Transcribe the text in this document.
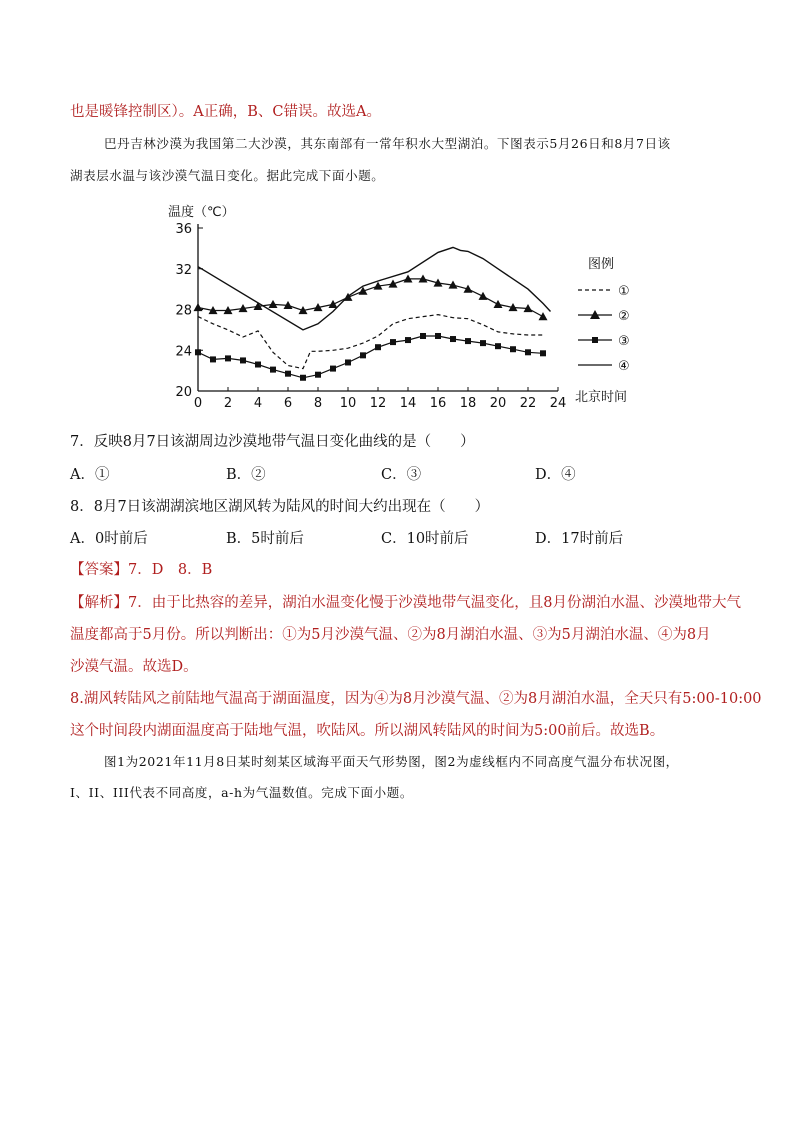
也是暖锋控制区）。A正确，B、C错误。故选A。
巴丹吉林沙漠为我国第二大沙漠，其东南部有一常年积水大型湖泊。下图表示5月26日和8月7日该
湖表层水温与该沙漠气温日变化。据此完成下面小题。
温度（℃）
20
24
28
32
36
0 2 4 6 8 10 12 14 16 18 20 22 24 北京时间
图例
①
②
③
④
7．反映8月7日该湖周边沙漠地带气温日变化曲线的是（　　）
A．①	B．②	C．③	D．④
8．8月7日该湖湖滨地区湖风转为陆风的时间大约出现在（　　）
A．0时前后	B．5时前后	C．10时前后	D．17时前后
【答案】7．D　8．B
【解析】7．由于比热容的差异，湖泊水温变化慢于沙漠地带气温变化，且8月份湖泊水温、沙漠地带大气
温度都高于5月份。所以判断出：①为5月沙漠气温、②为8月湖泊水温、③为5月湖泊水温、④为8月
沙漠气温。故选D。
8.湖风转陆风之前陆地气温高于湖面温度，因为④为8月沙漠气温、②为8月湖泊水温，全天只有5:00-10:00
这个时间段内湖面温度高于陆地气温，吹陆风。所以湖风转陆风的时间为5:00前后。故选B。
图1为2021年11月8日某时刻某区域海平面天气形势图，图2为虚线框内不同高度气温分布状况图，
I、II、III代表不同高度，a-h为气温数值。完成下面小题。
